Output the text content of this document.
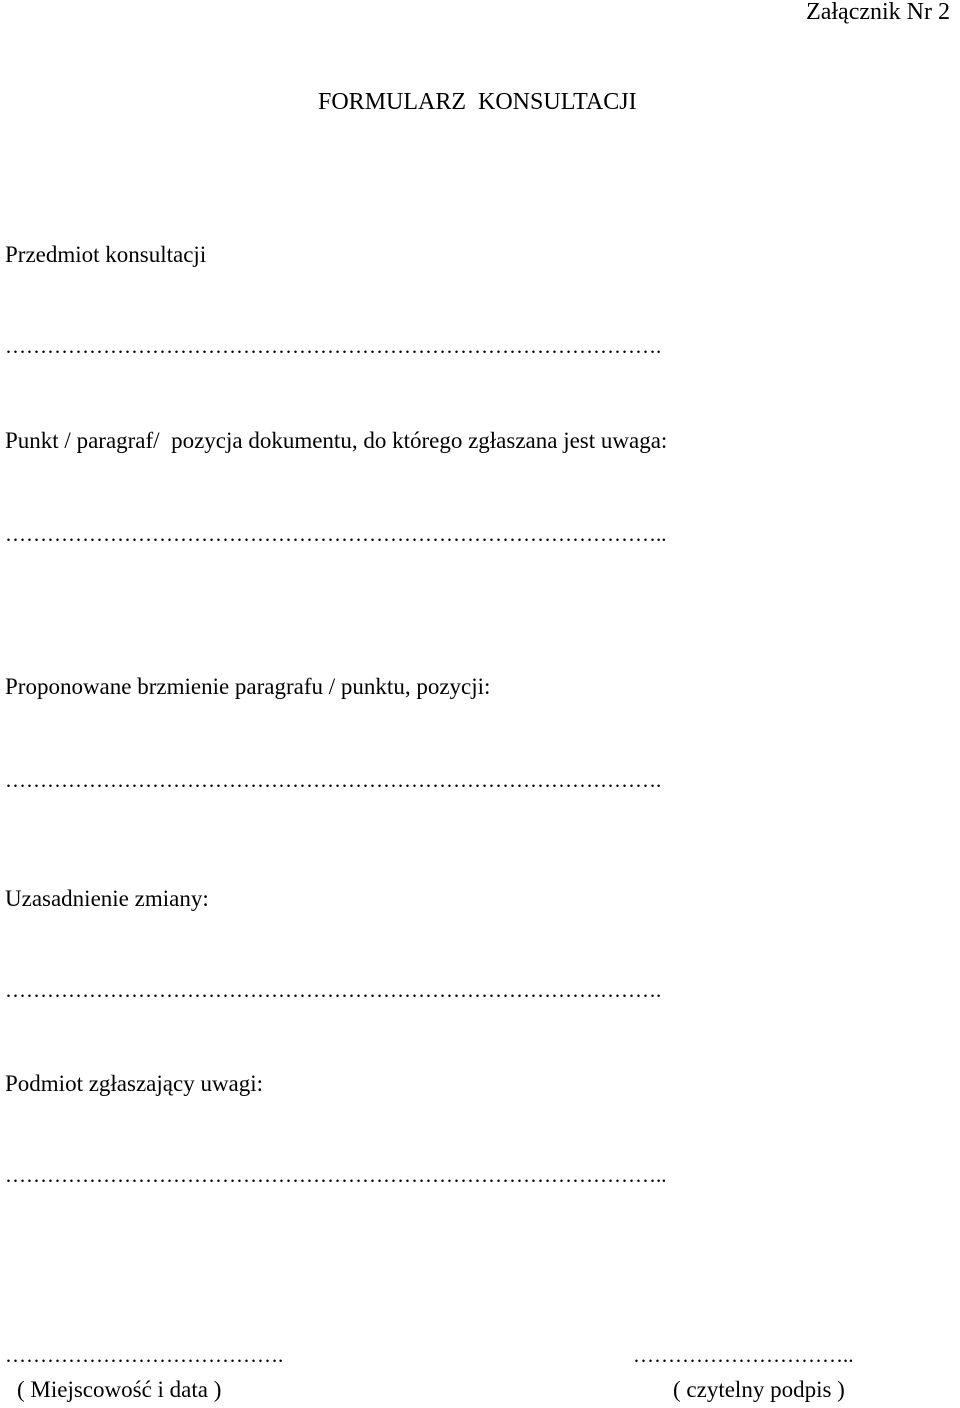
Załącznik Nr 2
FORMULARZ  KONSULTACJI
Przedmiot konsultacji
………………………………………………………………………………….
Punkt / paragraf/  pozycja dokumentu, do którego zgłaszana jest uwaga:
…………………………………………………………………………………..
Proponowane brzmienie paragrafu / punktu, pozycji:
………………………………………………………………………………….
Uzasadnienie zmiany:
………………………………………………………………………………….
Podmiot zgłaszający uwagi:
…………………………………………………………………………………..
………………………………….
( Miejscowość i data )
…………………………..
( czytelny podpis )
